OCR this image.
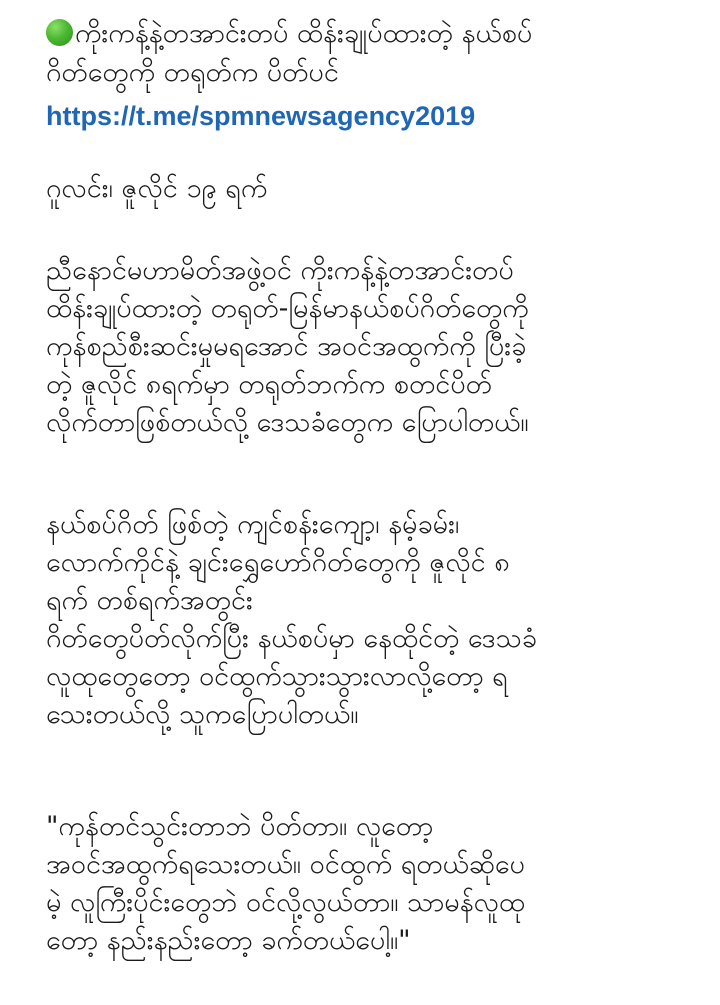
ကိုးကန့်နဲ့တအာင်းတပ် ထိန်းချုပ်ထားတဲ့ နယ်စပ်
ဂိတ်တွေကို တရုတ်က ပိတ်ပင်
https://t.me/spmnewsagency2019
ဂူလင်း၊ ဇူလိုင် ၁၉ ရက်
ညီနောင်မဟာမိတ်အဖွဲ့ဝင် ကိုးကန့်နဲ့တအာင်းတပ်
ထိန်းချုပ်ထားတဲ့ တရုတ်-မြန်မာနယ်စပ်ဂိတ်တွေကို
ကုန်စည်စီးဆင်းမှုမရအောင် အဝင်အထွက်ကို ပြီးခဲ့
တဲ့ ဇူလိုင် ၈ရက်မှာ တရုတ်ဘက်က စတင်ပိတ်
လိုက်တာဖြစ်တယ်လို့ ဒေသခံတွေက ပြောပါတယ်။
နယ်စပ်ဂိတ် ဖြစ်တဲ့ ကျင်စန်းကျော့၊ နမ့်ခမ်း၊
လောက်ကိုင်နဲ့ ချင်းရွှေဟော်ဂိတ်တွေကို ဇူလိုင် ၈
ရက် တစ်ရက်အတွင်း
ဂိတ်တွေပိတ်လိုက်ပြီး နယ်စပ်မှာ နေထိုင်တဲ့ ဒေသခံ
လူထုတွေတော့ ဝင်ထွက်သွားသွားလာလို့တော့ ရ
သေးတယ်လို့ သူကပြောပါတယ်။
"ကုန်တင်သွင်းတာဘဲ ပိတ်တာ။ လူတော့
အဝင်အထွက်ရသေးတယ်။ ဝင်ထွက် ရတယ်ဆိုပေ
မဲ့ လူကြီးပိုင်းတွေဘဲ ဝင်လို့လွယ်တာ။ သာမန်လူထု
တော့ နည်းနည်းတော့ ခက်တယ်ပေါ့။"
